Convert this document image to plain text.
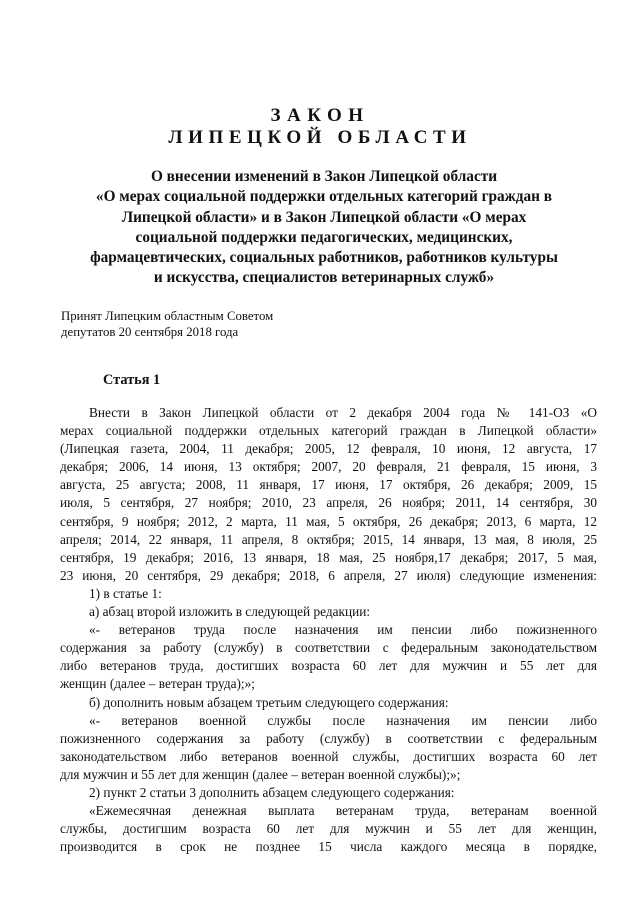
ЗАКОН
ЛИПЕЦКОЙ ОБЛАСТИ
О внесении изменений в Закон Липецкой области
«О мерах социальной поддержки отдельных категорий граждан в
Липецкой области» и в Закон Липецкой области «О мерах
социальной поддержки педагогических, медицинских,
фармацевтических, социальных работников, работников культуры
и искусства, специалистов ветеринарных служб»
Принят Липецким областным Советом
депутатов 20 сентября 2018 года
Статья 1
Внести в Закон Липецкой области от 2 декабря 2004 года № 141-ОЗ «О
мерах социальной поддержки отдельных категорий граждан в Липецкой области»
(Липецкая газета, 2004, 11 декабря; 2005, 12 февраля, 10 июня, 12 августа, 17
декабря; 2006, 14 июня, 13 октября; 2007, 20 февраля, 21 февраля, 15 июня, 3
августа, 25 августа; 2008, 11 января, 17 июня, 17 октября, 26 декабря; 2009, 15
июля, 5 сентября, 27 ноября; 2010, 23 апреля, 26 ноября; 2011, 14 сентября, 30
сентября, 9 ноября; 2012, 2 марта, 11 мая, 5 октября, 26 декабря; 2013, 6 марта, 12
апреля; 2014, 22 января, 11 апреля, 8 октября; 2015, 14 января, 13 мая, 8 июля, 25
сентября, 19 декабря; 2016, 13 января, 18 мая, 25 ноября,17 декабря; 2017, 5 мая,
23 июня, 20 сентября, 29 декабря; 2018, 6 апреля, 27 июля) следующие изменения:
1) в статье 1:
а) абзац второй изложить в следующей редакции:
«- ветеранов труда после назначения им пенсии либо пожизненного
содержания за работу (службу) в соответствии с федеральным законодательством
либо ветеранов труда, достигших возраста 60 лет для мужчин и 55 лет для
женщин (далее – ветеран труда);»;
б) дополнить новым абзацем третьим следующего содержания:
«- ветеранов военной службы после назначения им пенсии либо
пожизненного содержания за работу (службу) в соответствии с федеральным
законодательством либо ветеранов военной службы, достигших возраста 60 лет
для мужчин и 55 лет для женщин (далее – ветеран военной службы);»;
2) пункт 2 статьи 3 дополнить абзацем следующего содержания:
«Ежемесячная денежная выплата ветеранам труда, ветеранам военной
службы, достигшим возраста 60 лет для мужчин и 55 лет для женщин,
производится в срок не позднее 15 числа каждого месяца в порядке,
